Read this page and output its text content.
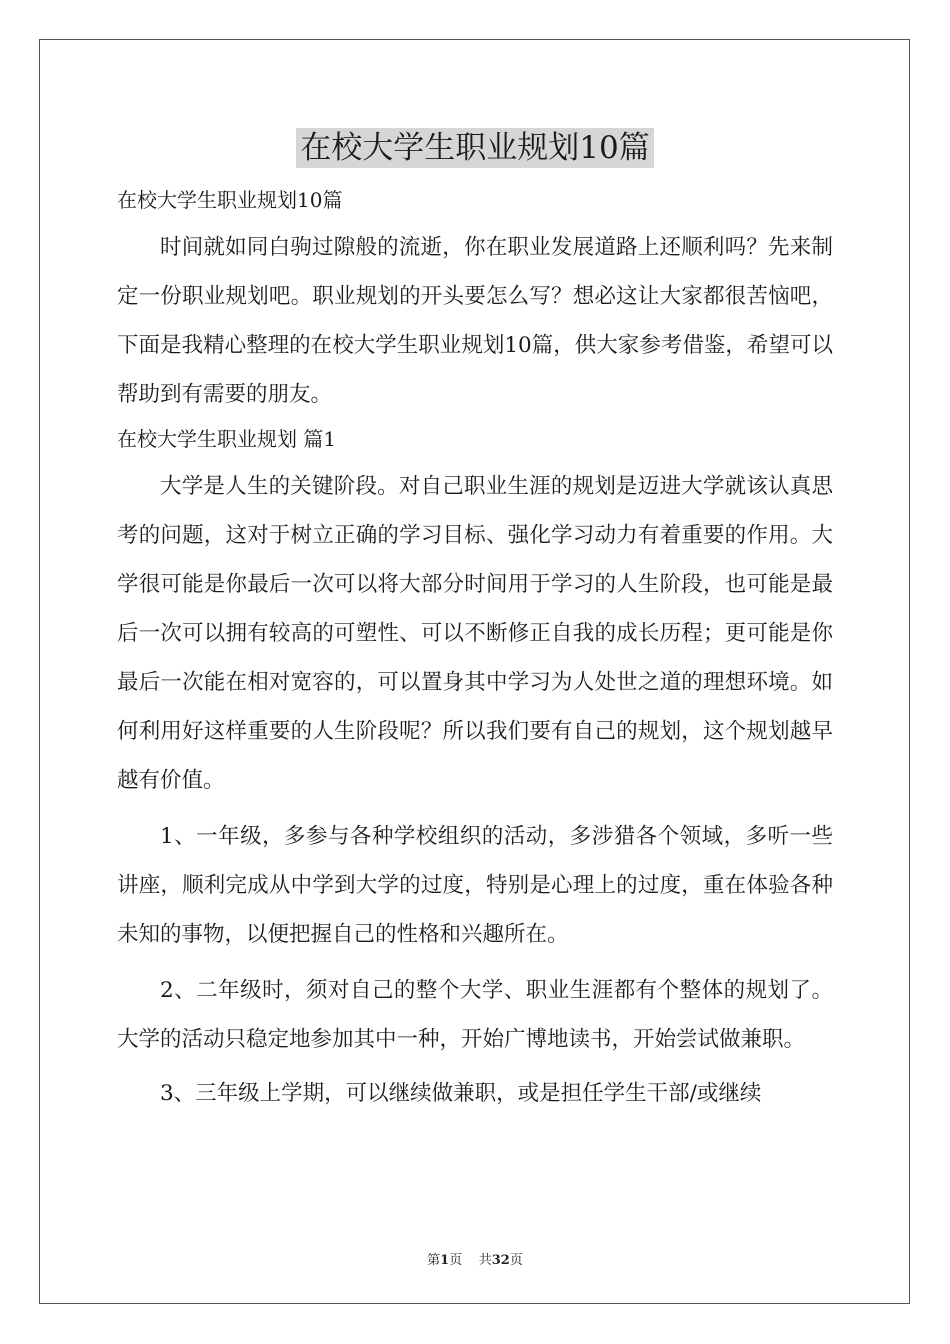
在校大学生职业规划10篇

在校大学生职业规划10篇

时间就如同白驹过隙般的流逝，你在职业发展道路上还顺利吗？先来制定一份职业规划吧。职业规划的开头要怎么写？想必这让大家都很苦恼吧，下面是我精心整理的在校大学生职业规划10篇，供大家参考借鉴，希望可以帮助到有需要的朋友。

在校大学生职业规划 篇1

大学是人生的关键阶段。对自己职业生涯的规划是迈进大学就该认真思考的问题，这对于树立正确的学习目标、强化学习动力有着重要的作用。大学很可能是你最后一次可以将大部分时间用于学习的人生阶段，也可能是最后一次可以拥有较高的可塑性、可以不断修正自我的成长历程；更可能是你最后一次能在相对宽容的，可以置身其中学习为人处世之道的理想环境。如何利用好这样重要的人生阶段呢？所以我们要有自己的规划，这个规划越早越有价值。

1、一年级，多参与各种学校组织的活动，多涉猎各个领域，多听一些讲座，顺利完成从中学到大学的过度，特别是心理上的过度，重在体验各种未知的事物，以便把握自己的性格和兴趣所在。

2、二年级时，须对自己的整个大学、职业生涯都有个整体的规划了。大学的活动只稳定地参加其中一种，开始广博地读书，开始尝试做兼职。

3、三年级上学期，可以继续做兼职，或是担任学生干部/或继续

第1页    共32页
